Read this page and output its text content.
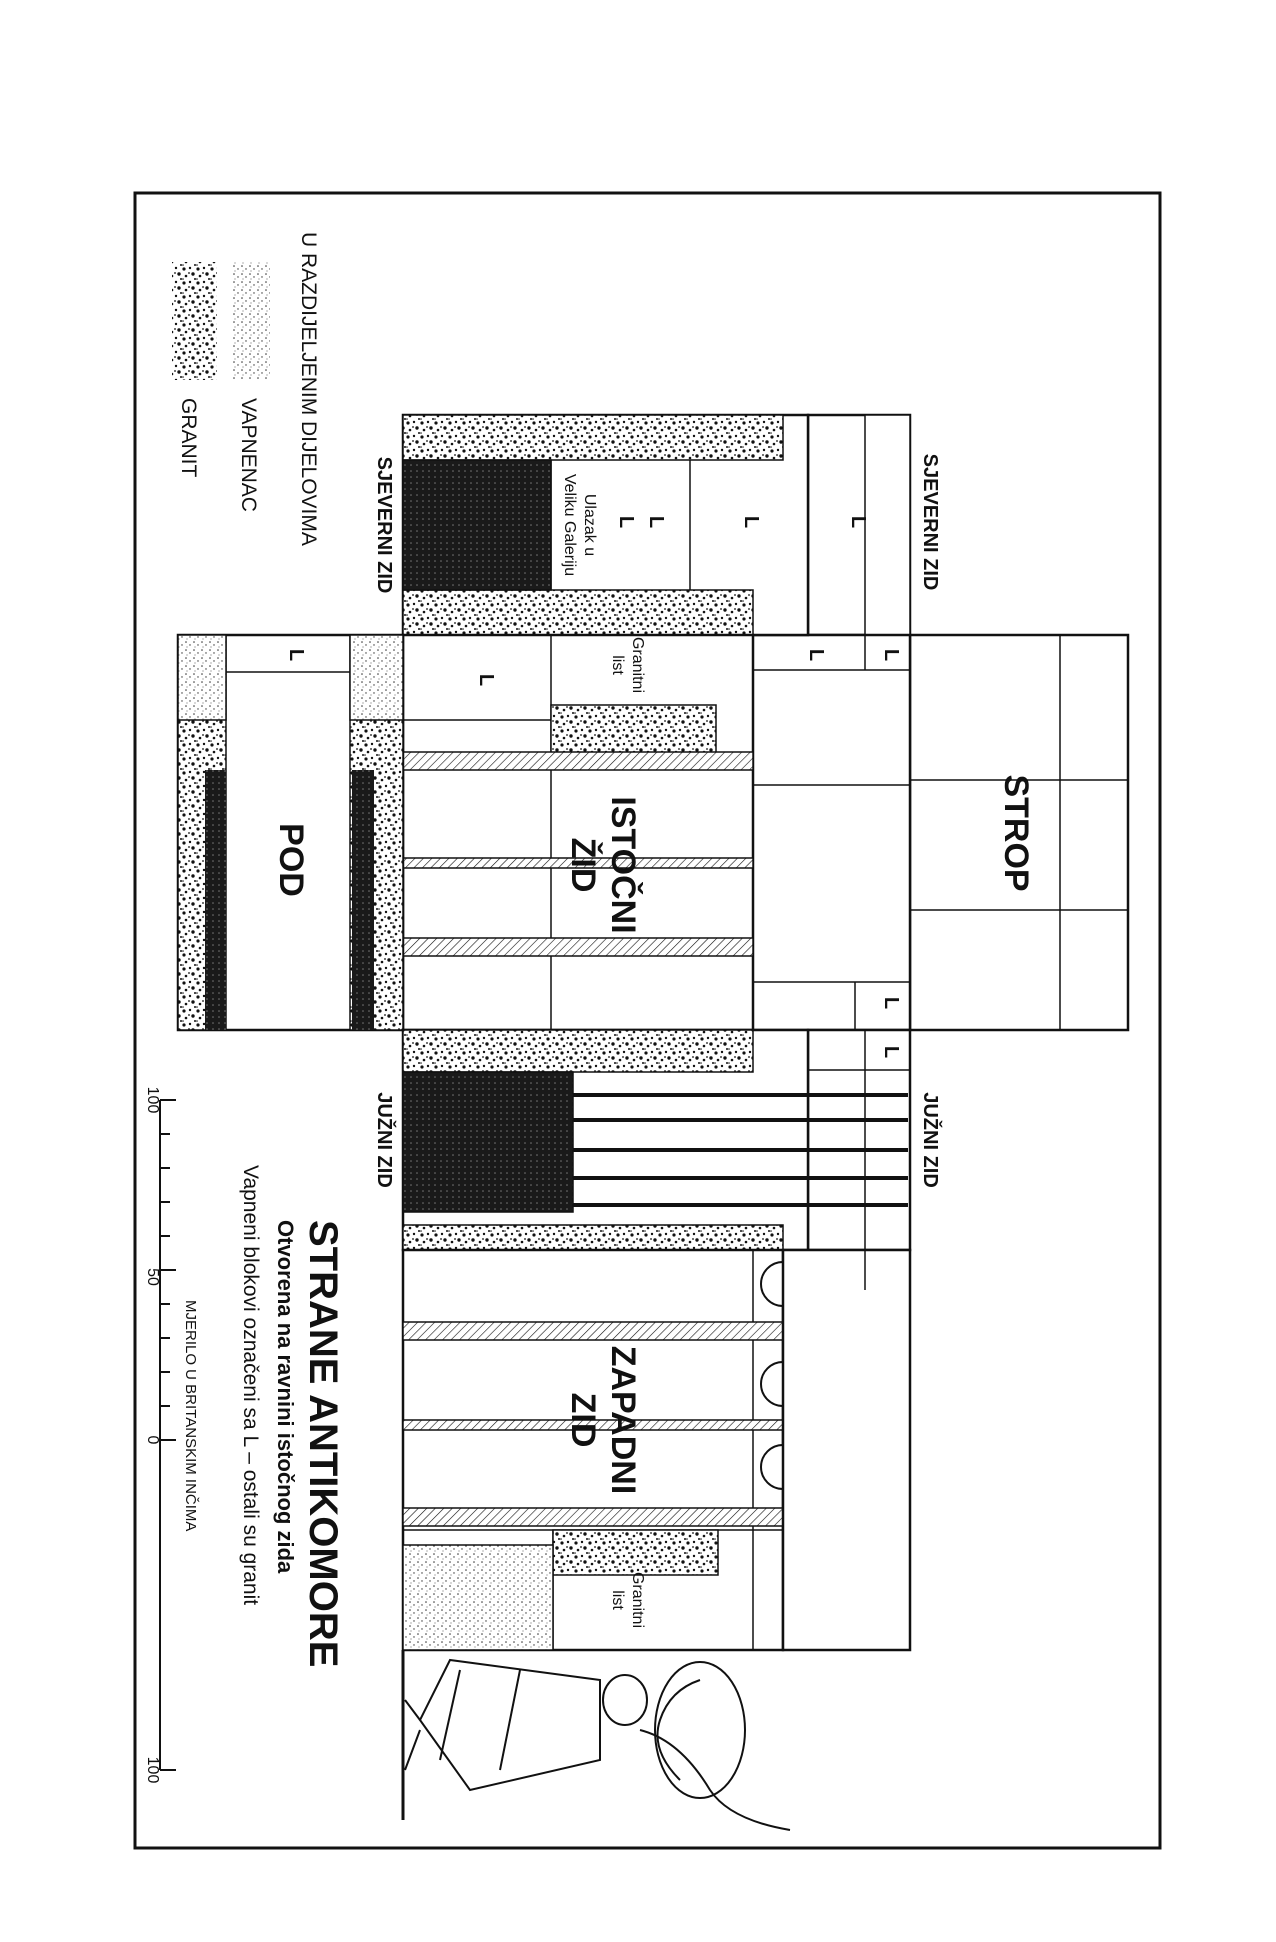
STROP
L	SJEVERNI ZID
L
L
L
L
L
L
Ulazak u
Veliku Galeriju
SJEVERNI ZID
Granitni
list
L
ISTOČNI
ŽID
L
POD
L
JUŽNI ZID
JUŽNI ZID
Granitni
list
ZAPADNI
ZID
U RAZDIJELJENIM DIJELOVIMA
VAPNENAC
GRANIT
STRANE ANTIKOMORE
Otvorena na ravnini istočnog zida
Vapneni blokovi označeni sa L – ostali su granit
100
50
0
100
MJERILO U BRITANSKIM INČIMA
